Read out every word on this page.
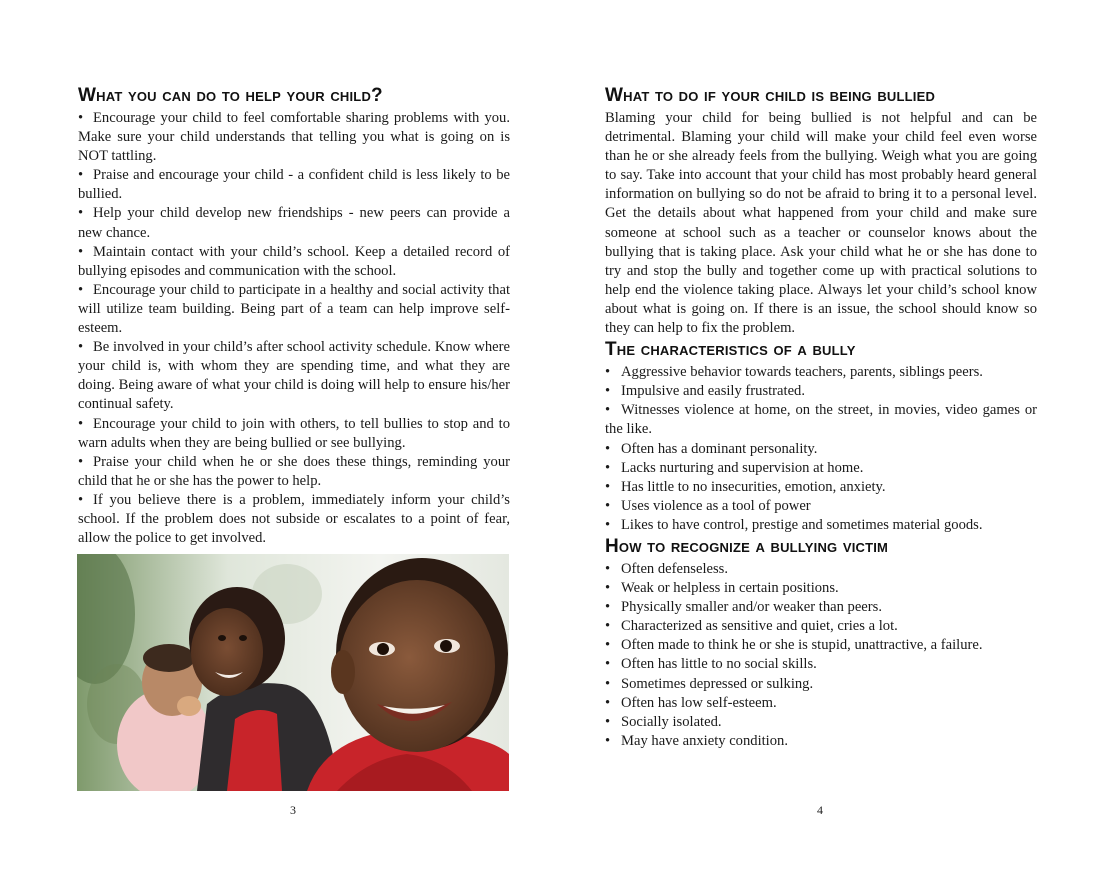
What you can do to help your child?

• Encourage your child to feel comfortable sharing problems with you. Make sure your child understands that telling you what is going on is NOT tattling.

• Praise and encourage your child - a confident child is less likely to be bullied.

• Help your child develop new friendships - new peers can provide a new chance.

• Maintain contact with your child’s school. Keep a detailed record of bullying episodes and communication with the school.

• Encourage your child to participate in a healthy and social activity that will utilize team building. Being part of a team can help improve self-esteem.

• Be involved in your child’s after school activity schedule. Know where your child is, with whom they are spending time, and what they are doing. Being aware of what your child is doing will help to ensure his/her continual safety.

• Encourage your child to join with others, to tell bullies to stop and to warn adults when they are being bullied or see bullying.

• Praise your child when he or she does these things, reminding your child that he or she has the power to help.

• If you believe there is a problem, immediately inform your child’s school. If the problem does not subside or escalates to a point of fear, allow the police to get involved.

3
What to do if your child is being bullied

Blaming your child for being bullied is not helpful and can be detrimental. Blaming your child will make your child feel even worse than he or she already feels from the bullying. Weigh what you are going to say. Take into account that your child has most probably heard general information on bullying so do not be afraid to bring it to a personal level. Get the details about what happened from your child and make sure someone at school such as a teacher or counselor knows about the bullying that is taking place. Ask your child what he or she has done to try and stop the bully and together come up with practical solutions to help end the violence taking place. Always let your child’s school know about what is going on. If there is an issue, the school should know so they can help to fix the problem.

The characteristics of a bully
• Aggressive behavior towards teachers, parents, siblings peers.
• Impulsive and easily frustrated.
• Witnesses violence at home, on the street, in movies, video games or the like.
• Often has a dominant personality.
• Lacks nurturing and supervision at home.
• Has little to no insecurities, emotion, anxiety.
• Uses violence as a tool of power
• Likes to have control, prestige and sometimes material goods.
How to recognize a bullying victim
• Often defenseless.
• Weak or helpless in certain positions.
• Physically smaller and/or weaker than peers.
• Characterized as sensitive and quiet, cries a lot.
• Often made to think he or she is stupid, unattractive, a failure.
• Often has little to no social skills.
• Sometimes depressed or sulking.
• Often has low self-esteem.
• Socially isolated.
• May have anxiety condition.
4
